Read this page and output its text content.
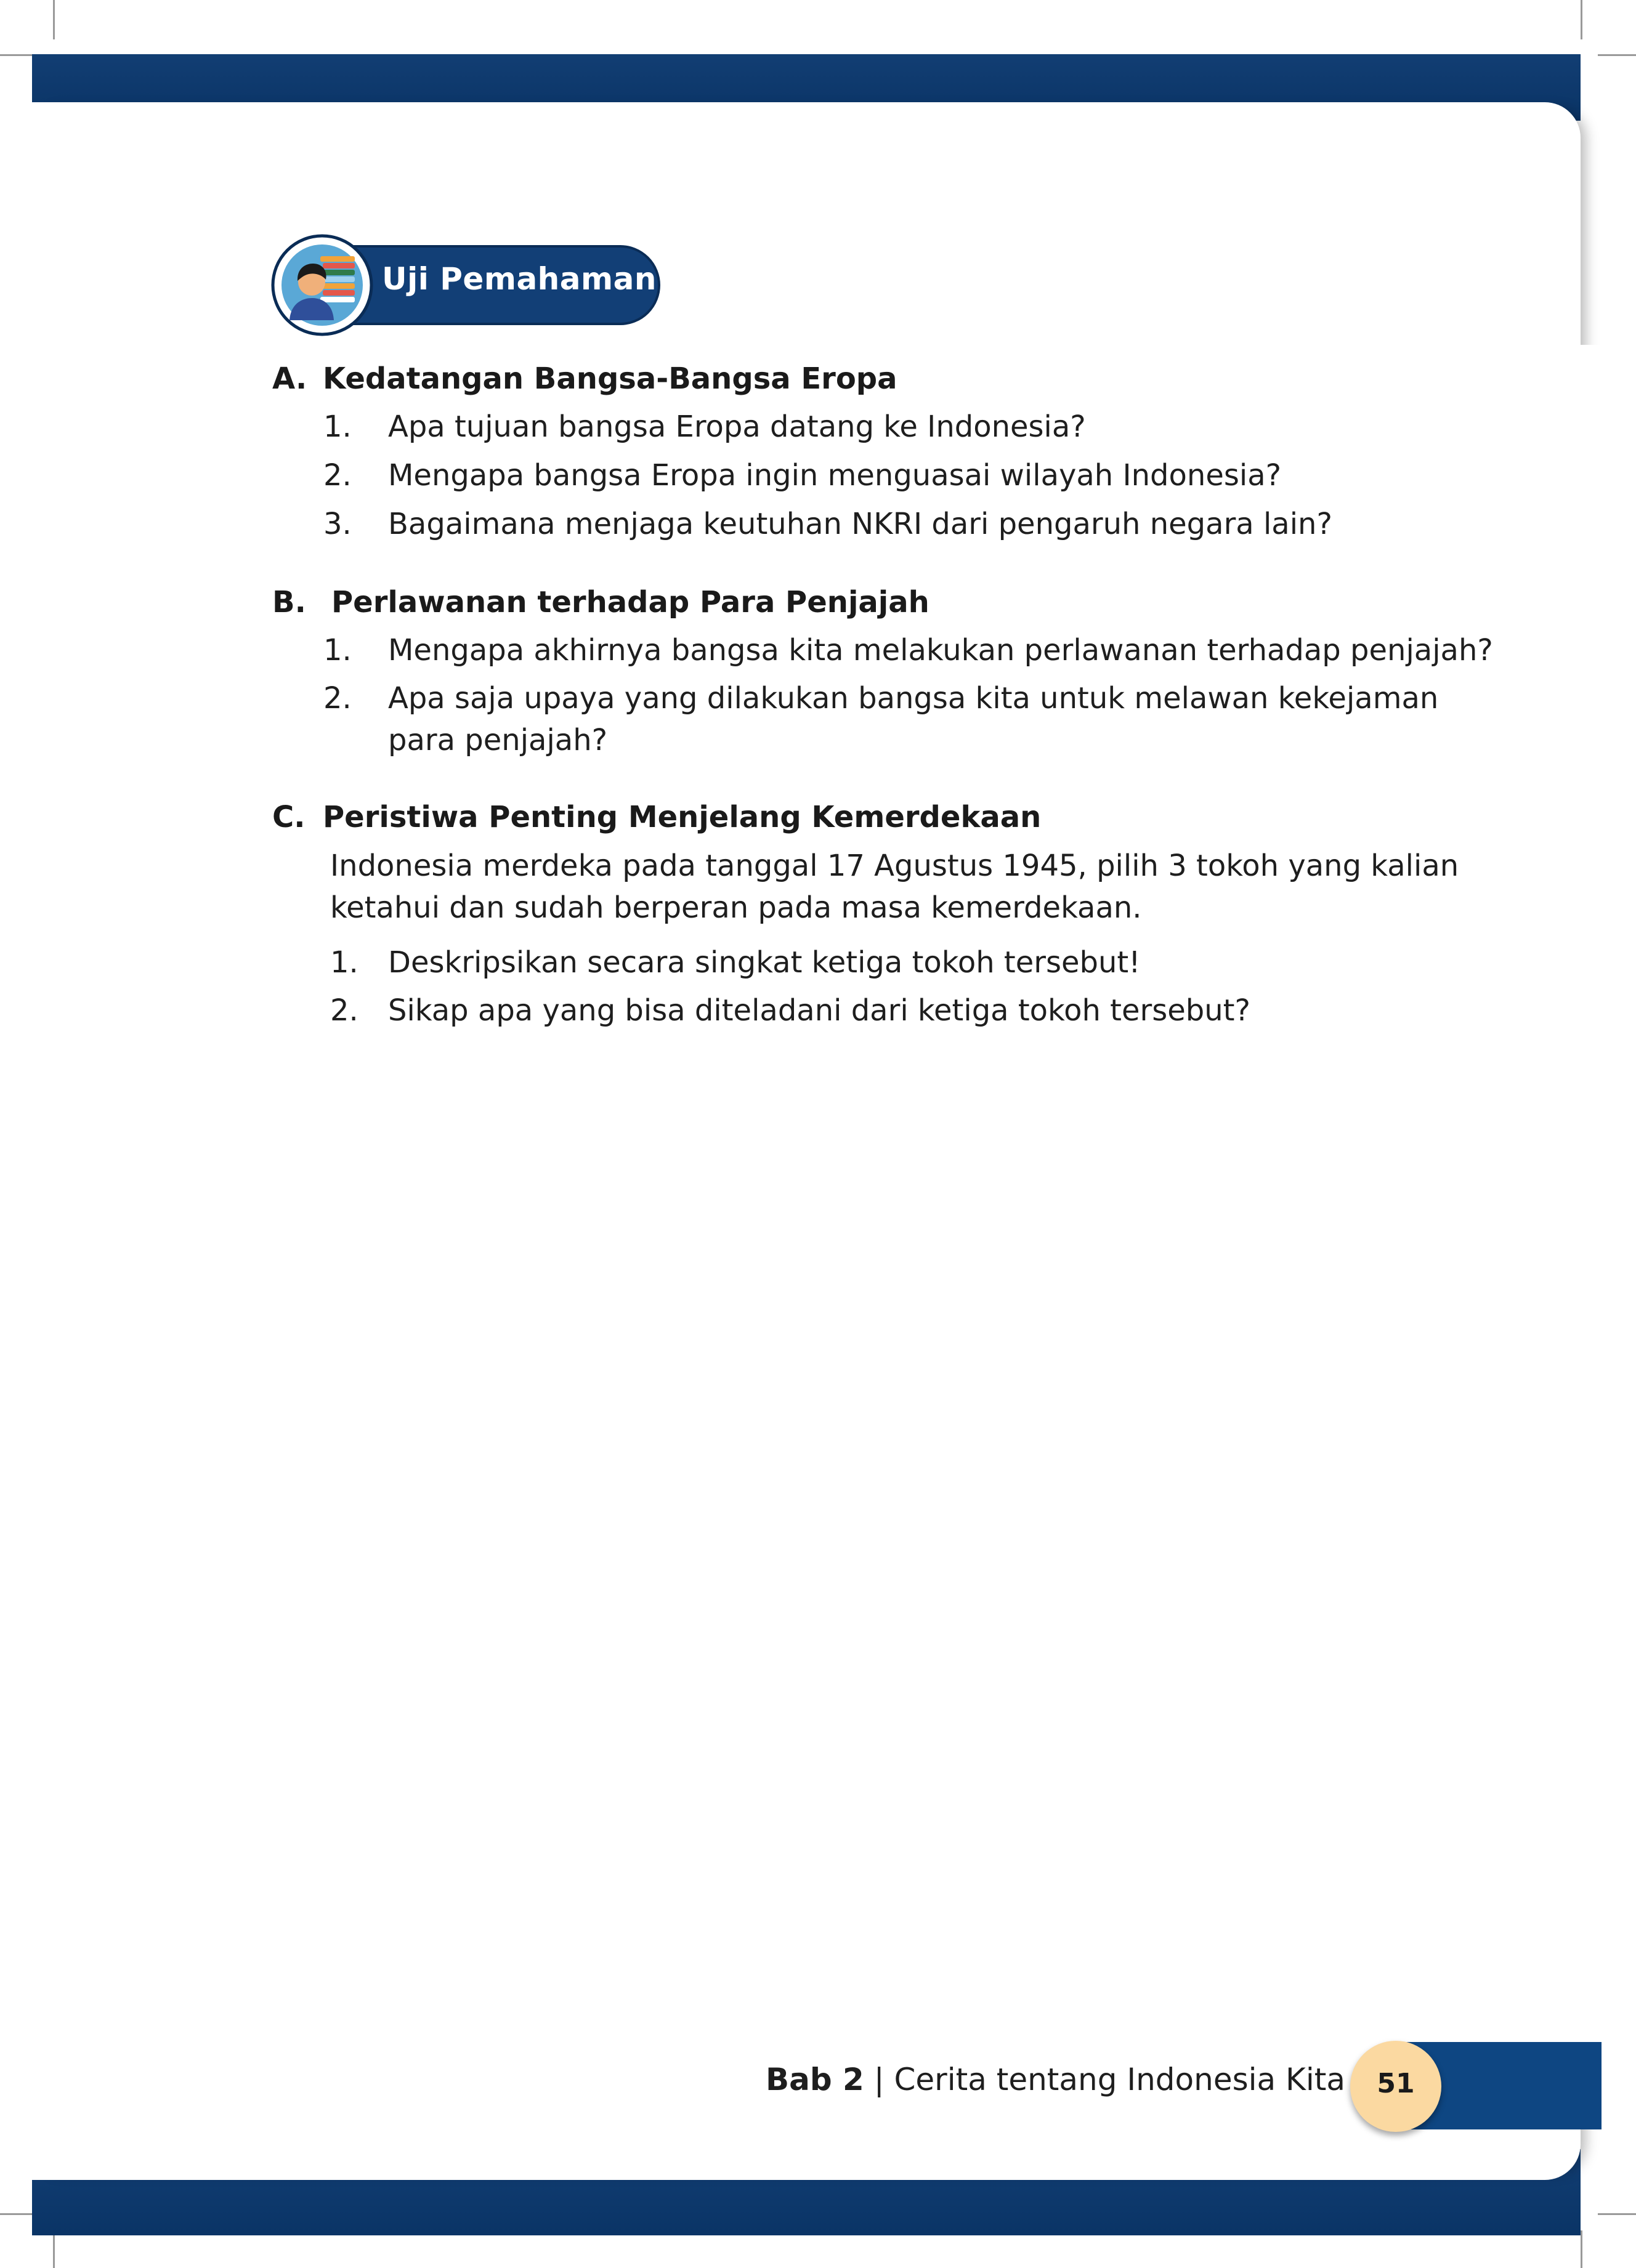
Uji Pemahaman
A. Kedatangan Bangsa-Bangsa Eropa
1. Apa tujuan bangsa Eropa datang ke Indonesia?
2. Mengapa bangsa Eropa ingin menguasai wilayah Indonesia?
3. Bagaimana menjaga keutuhan NKRI dari pengaruh negara lain?
B. Perlawanan terhadap Para Penjajah
1. Mengapa akhirnya bangsa kita melakukan perlawanan terhadap penjajah?
2. Apa saja upaya yang dilakukan bangsa kita untuk melawan kekejaman
para penjajah?
C. Peristiwa Penting Menjelang Kemerdekaan
Indonesia merdeka pada tanggal 17 Agustus 1945, pilih 3 tokoh yang kalian
ketahui dan sudah berperan pada masa kemerdekaan.
1. Deskripsikan secara singkat ketiga tokoh tersebut!
2. Sikap apa yang bisa diteladani dari ketiga tokoh tersebut?
Bab 2 | Cerita tentang Indonesia Kita	51
